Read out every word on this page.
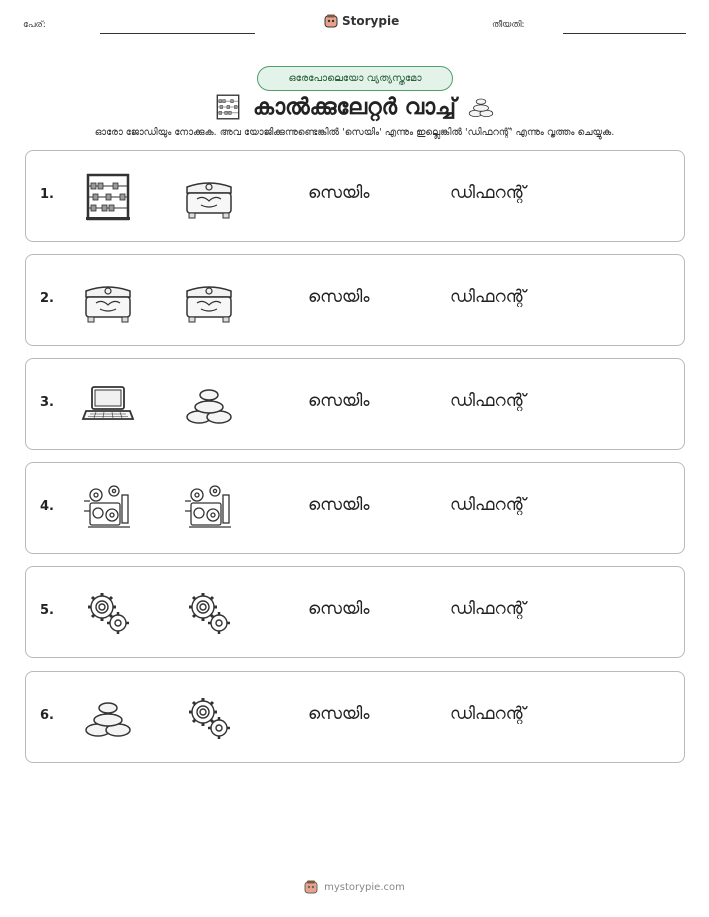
പേര്:	Storypie	തീയതി:
ഒരേപോലെയോ വ്യത്യസ്തമോ
കാൽക്കുലേറ്റർ വാച്ച്
ഓരോ ജോഡിയും നോക്കുക. അവ യോജിക്കുന്നുണ്ടെങ്കിൽ 'സെയിം' എന്നും ഇല്ലെങ്കിൽ 'ഡിഫറന്റ്' എന്നും വൃത്തം ചെയ്യുക.
1.	സെയിം	ഡിഫറന്റ്
2.	സെയിം	ഡിഫറന്റ്
3.	സെയിം	ഡിഫറന്റ്
4.	സെയിം	ഡിഫറന്റ്
5.	സെയിം	ഡിഫറന്റ്
6.	സെയിം	ഡിഫറന്റ്
mystorypie.com
